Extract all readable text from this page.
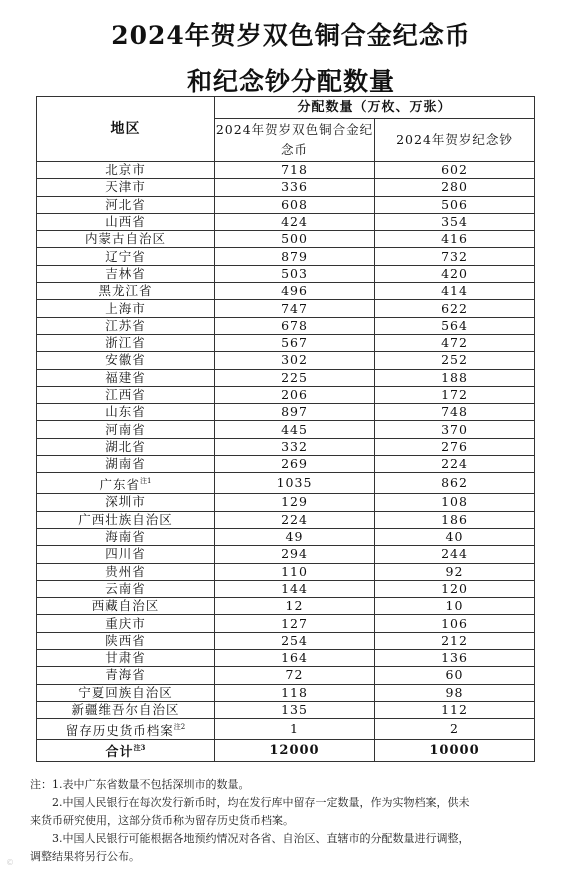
2024年贺岁双色铜合金纪念币
和纪念钞分配数量
地区	分配数量（万枚、万张）	
	2024年贺岁双色铜合金纪念币	2024年贺岁纪念钞
北京市	718	602
天津市	336	280
河北省	608	506
山西省	424	354
内蒙古自治区	500	416
辽宁省	879	732
吉林省	503	420
黑龙江省	496	414
上海市	747	622
江苏省	678	564
浙江省	567	472
安徽省	302	252
福建省	225	188
江西省	206	172
山东省	897	748
河南省	445	370
湖北省	332	276
湖南省	269	224
广东省$^{注1}$	1035	862
深圳市	129	108
广西壮族自治区	224	186
海南省	49	40
四川省	294	244
贵州省	110	92
云南省	144	120
西藏自治区	12	10
重庆市	127	106
陕西省	254	212
甘肃省	164	136
青海省	72	60
宁夏回族自治区	118	98
新疆维吾尔自治区	135	112
留存历史货币档案$^{注2}$	1	2
合计$^{注3}$	12000	10000
注：1.表中广东省数量不包括深圳市的数量。
2.中国人民银行在每次发行新币时，均在发行库中留存一定数量，作为实物档案，供未
来货币研究使用，这部分货币称为留存历史货币档案。
3.中国人民银行可能根据各地预约情况对各省、自治区、直辖市的分配数量进行调整，
调整结果将另行公布。
©
